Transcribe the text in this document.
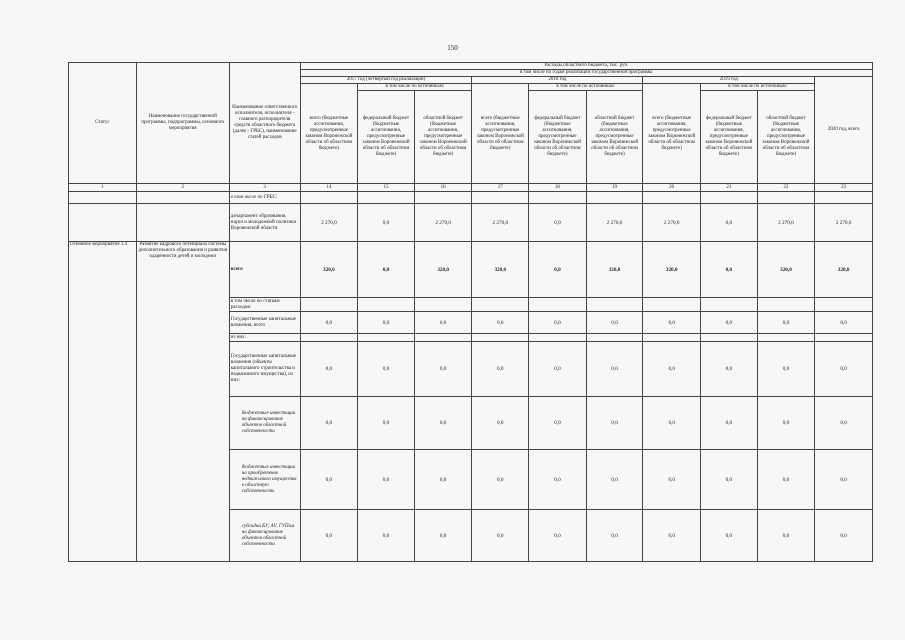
150
Статус	Наименование государственной программы, подпрограммы, основного мероприятия	Наименование ответственного исполнителя, исполнителя - главного распорядителя средств областного бюджета (далее - ГРБС), наименование статей расходов	Расходы областного бюджета, тыс. руб.									
			в том числе по годам реализации государственной программы									
			2017 год (четвертый год реализации)			2018 год			2019 год			2020 год, всего
			всего (бюджетные ассигнования, предусмотренные законом Воронежской области об областном бюджете)	в том числе по источникам:		всего (бюджетные ассигнования, предусмотренные законом Воронежской области об областном бюджете)	в том числе по источникам:		всего (бюджетные ассигнования, предусмотренные законом Воронежской области об областном бюджете)	в том числе по источникам:		
				федеральный бюджет (бюджетные ассигнования, предусмотренные законом Воронежской области об областном бюджете)	областной бюджет (бюджетные ассигнования, предусмотренные законом Воронежской области об областном бюджете)		федеральный бюджет (бюджетные ассигнования, предусмотренные законом Воронежской области об областном бюджете)	областной бюджет (бюджетные ассигнования, предусмотренные законом Воронежской области об областном бюджете)		федеральный бюджет (бюджетные ассигнования, предусмотренные законом Воронежской области об областном бюджете)	областной бюджет (бюджетные ассигнования, предусмотренные законом Воронежской области об областном бюджете)	
1	2	3	14	15	16	17	18	19	20	21	22	23
		в том числе по ГРБС:										
		департамент образования, науки и молодежной политики Воронежской области	2 270,0	0,0	2 270,0	2 270,0	0,0	2 270,0	2 270,0	0,0	2 270,0	2 270,0
Основное мероприятие 3.4	Развитие кадрового потенциала системы дополнительного образования и развития одаренности детей и молодежи	всего	320,0	0,0	320,0	320,0	0,0	320,0	320,0	0,0	320,0	320,0
		в том числе по статьям расходов:										
		Государственные капитальные вложения, всего	0,0	0,0	0,0	0,0	0,0	0,0	0,0	0,0	0,0	0,0
		из них:										
		Государственные капитальные вложения (объекты капитального строительства и недвижимого имущества), из них:	0,0	0,0	0,0	0,0	0,0	0,0	0,0	0,0	0,0	0,0
		бюджетные инвестиции на финансирование объектов областной собственности	0,0	0,0	0,0	0,0	0,0	0,0	0,0	0,0	0,0	0,0
		бюджетные инвестиции на приобретение недвижимого имущества в областную собственность	0,0	0,0	0,0	0,0	0,0	0,0	0,0	0,0	0,0	0,0
		субсидии БУ, АУ, ГУПам на финансирование объектов областной собственности	0,0	0,0	0,0	0,0	0,0	0,0	0,0	0,0	0,0	0,0
